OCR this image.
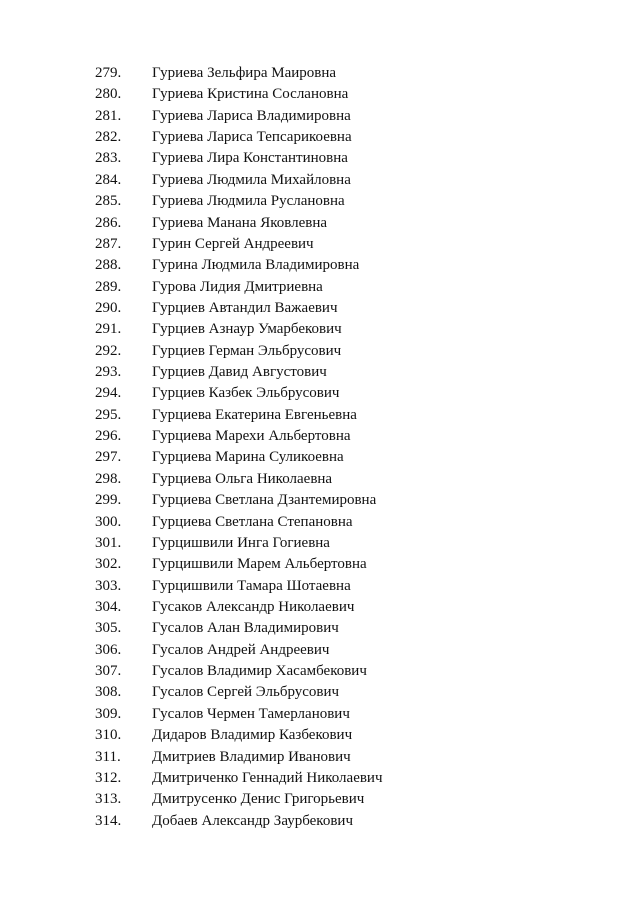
279. Гуриева Зельфира Маировна
280. Гуриева Кристина Сослановна
281. Гуриева Лариса Владимировна
282. Гуриева Лариса Тепсарикоевна
283. Гуриева Лира Константиновна
284. Гуриева Людмила Михайловна
285. Гуриева Людмила Руслановна
286. Гуриева Манана Яковлевна
287. Гурин Сергей Андреевич
288. Гурина Людмила Владимировна
289. Гурова Лидия Дмитриевна
290. Гурциев Автандил Важаевич
291. Гурциев Азнаур Умарбекович
292. Гурциев Герман Эльбрусович
293. Гурциев Давид Августович
294. Гурциев Казбек Эльбрусович
295. Гурциева Екатерина Евгеньевна
296. Гурциева Марехи Альбертовна
297. Гурциева Марина Суликоевна
298. Гурциева Ольга Николаевна
299. Гурциева Светлана Дзантемировна
300. Гурциева Светлана Степановна
301. Гурцишвили Инга Гогиевна
302. Гурцишвили Марем Альбертовна
303. Гурцишвили Тамара Шотаевна
304. Гусаков Александр Николаевич
305. Гусалов Алан Владимирович
306. Гусалов Андрей Андреевич
307. Гусалов Владимир Хасамбекович
308. Гусалов Сергей Эльбрусович
309. Гусалов Чермен Тамерланович
310. Дидаров Владимир Казбекович
311. Дмитриев Владимир Иванович
312. Дмитриченко Геннадий Николаевич
313. Дмитрусенко Денис Григорьевич
314. Добаев Александр Заурбекович
